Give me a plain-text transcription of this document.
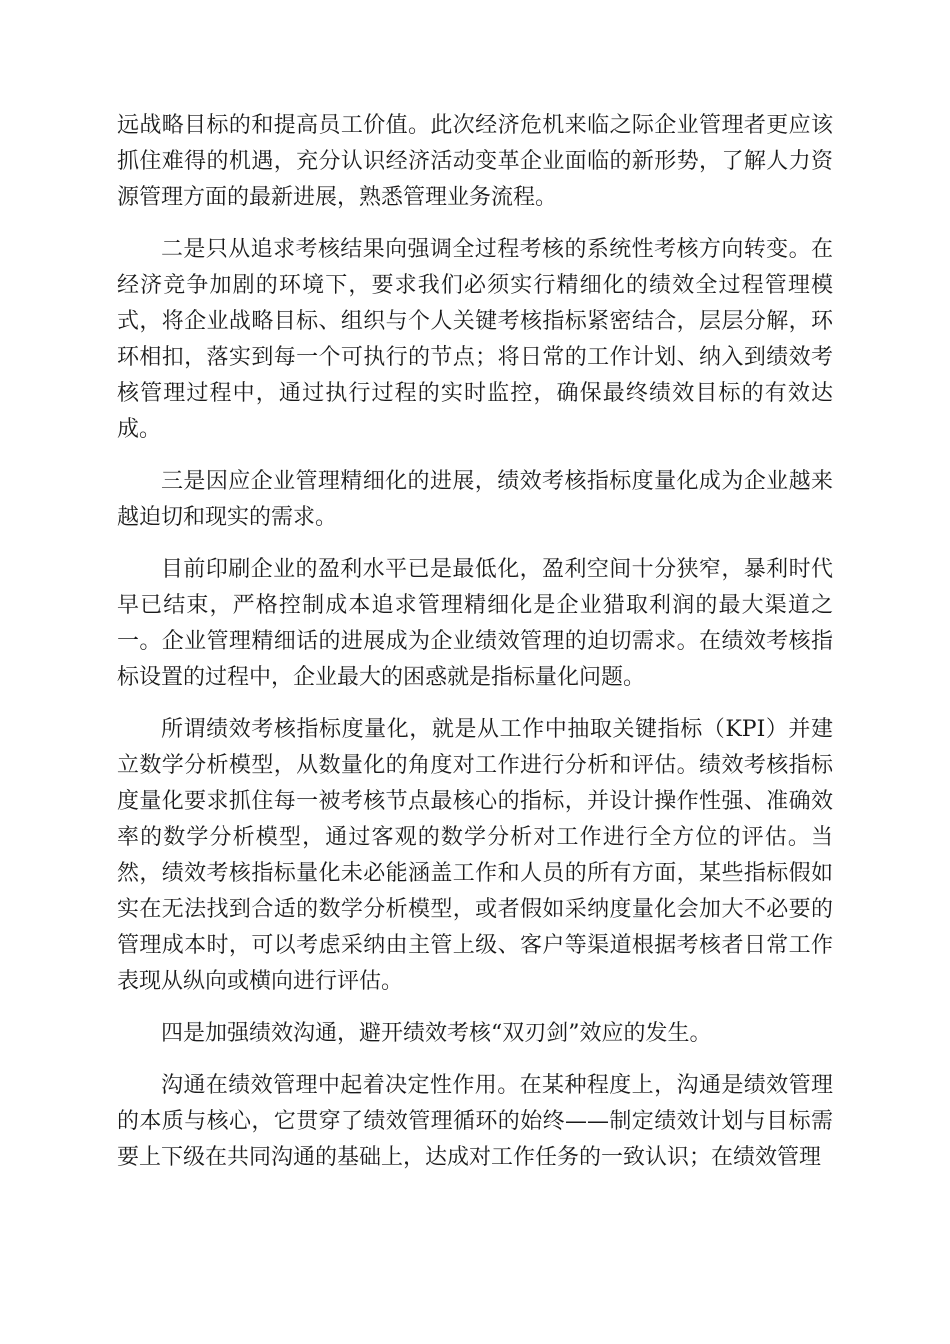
远战略目标的和提高员工价值。此次经济危机来临之际企业管理者更应该抓住难得的机遇，充分认识经济活动变革企业面临的新形势，了解人力资源管理方面的最新进展，熟悉管理业务流程。

二是只从追求考核结果向强调全过程考核的系统性考核方向转变。在经济竞争加剧的环境下，要求我们必须实行精细化的绩效全过程管理模式，将企业战略目标、组织与个人关键考核指标紧密结合，层层分解，环环相扣，落实到每一个可执行的节点；将日常的工作计划、纳入到绩效考核管理过程中，通过执行过程的实时监控，确保最终绩效目标的有效达成。

三是因应企业管理精细化的进展，绩效考核指标度量化成为企业越来越迫切和现实的需求。

目前印刷企业的盈利水平已是最低化，盈利空间十分狭窄，暴利时代早已结束，严格控制成本追求管理精细化是企业猎取利润的最大渠道之一。企业管理精细话的进展成为企业绩效管理的迫切需求。在绩效考核指标设置的过程中，企业最大的困惑就是指标量化问题。

所谓绩效考核指标度量化，就是从工作中抽取关键指标（KPI）并建立数学分析模型，从数量化的角度对工作进行分析和评估。绩效考核指标度量化要求抓住每一被考核节点最核心的指标，并设计操作性强、准确效率的数学分析模型，通过客观的数学分析对工作进行全方位的评估。当然，绩效考核指标量化未必能涵盖工作和人员的所有方面，某些指标假如实在无法找到合适的数学分析模型，或者假如采纳度量化会加大不必要的管理成本时，可以考虑采纳由主管上级、客户等渠道根据考核者日常工作表现从纵向或横向进行评估。

四是加强绩效沟通，避开绩效考核“双刃剑”效应的发生。

沟通在绩效管理中起着决定性作用。在某种程度上，沟通是绩效管理的本质与核心，它贯穿了绩效管理循环的始终——制定绩效计划与目标需要上下级在共同沟通的基础上，达成对工作任务的一致认识；在绩效管理
